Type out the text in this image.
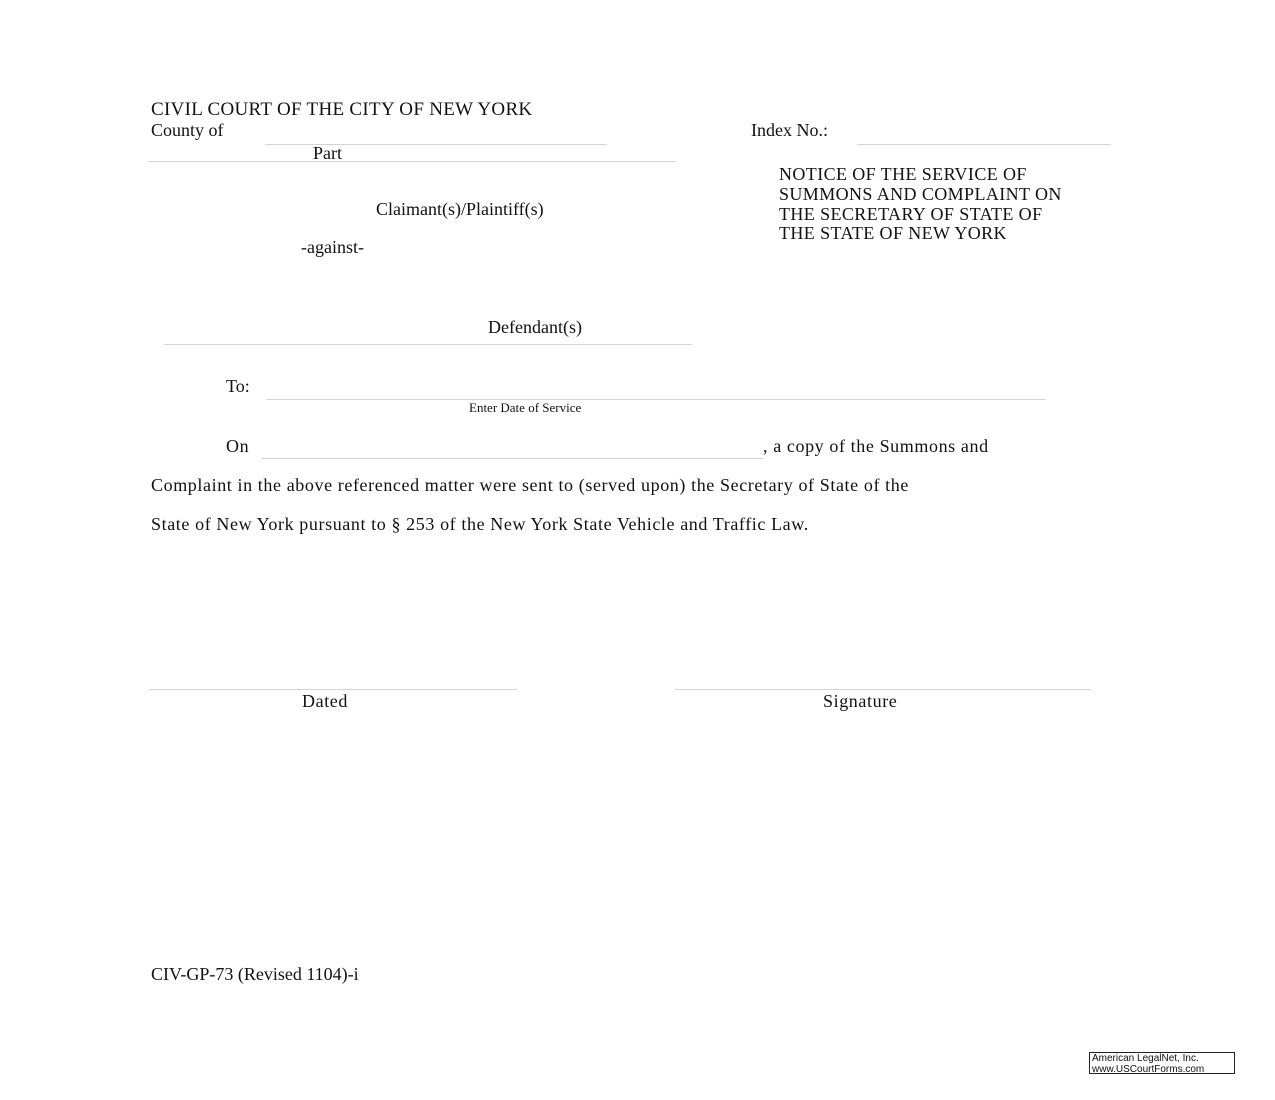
CIVIL COURT OF THE CITY OF NEW YORK
County of
Part
Index No.:
Claimant(s)/Plaintiff(s)
-against-
Defendant(s)
NOTICE OF THE SERVICE OF
SUMMONS AND COMPLAINT ON
THE SECRETARY OF STATE OF
THE STATE OF NEW YORK
To:
Enter Date of Service
On	, a copy of the Summons and
Complaint in the above referenced matter were sent to (served upon) the Secretary of State of the
State of New York pursuant to § 253 of the New York State Vehicle and Traffic Law.
Dated	Signature
CIV-GP-73 (Revised 1104)-i
American LegalNet, Inc.
www.USCourtForms.com
